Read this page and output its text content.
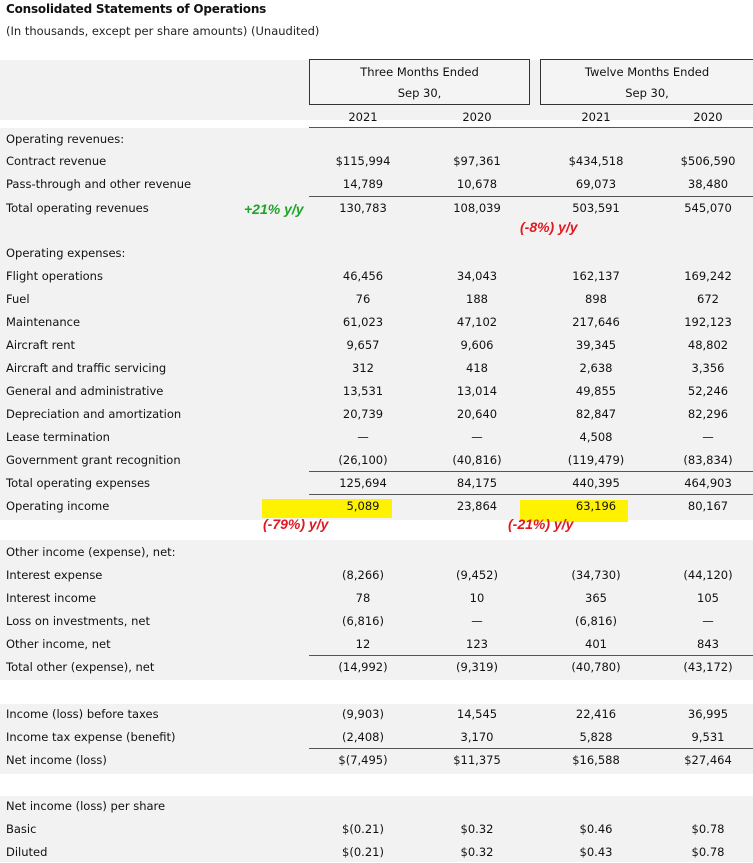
Consolidated Statements of Operations
(In thousands, except per share amounts) (Unaudited)
Three Months Ended
Sep 30,
Twelve Months Ended
Sep 30,
2021	2020	2021	2020
Operating revenues:
Contract revenue	$115,994	$97,361	$434,518	$506,590
Pass-through and other revenue	14,789	10,678	69,073	38,480
Total operating revenues	130,783	108,039	503,591	545,070
+21% y/y
(-8%) y/y
Operating expenses:
Flight operations	46,456	34,043	162,137	169,242
Fuel	76	188	898	672
Maintenance	61,023	47,102	217,646	192,123
Aircraft rent	9,657	9,606	39,345	48,802
Aircraft and traffic servicing	312	418	2,638	3,356
General and administrative	13,531	13,014	49,855	52,246
Depreciation and amortization	20,739	20,640	82,847	82,296
Lease termination	—	—	4,508	—
Government grant recognition	(26,100)	(40,816)	(119,479)	(83,834)
Total operating expenses	125,694	84,175	440,395	464,903
Operating income	5,089	23,864	63,196	80,167
(-79%) y/y	(-21%) y/y
Other income (expense), net:
Interest expense	(8,266)	(9,452)	(34,730)	(44,120)
Interest income	78	10	365	105
Loss on investments, net	(6,816)	—	(6,816)	—
Other income, net	12	123	401	843
Total other (expense), net	(14,992)	(9,319)	(40,780)	(43,172)
Income (loss) before taxes	(9,903)	14,545	22,416	36,995
Income tax expense (benefit)	(2,408)	3,170	5,828	9,531
Net income (loss)	$(7,495)	$11,375	$16,588	$27,464
Net income (loss) per share
Basic	$(0.21)	$0.32	$0.46	$0.78
Diluted	$(0.21)	$0.32	$0.43	$0.78
